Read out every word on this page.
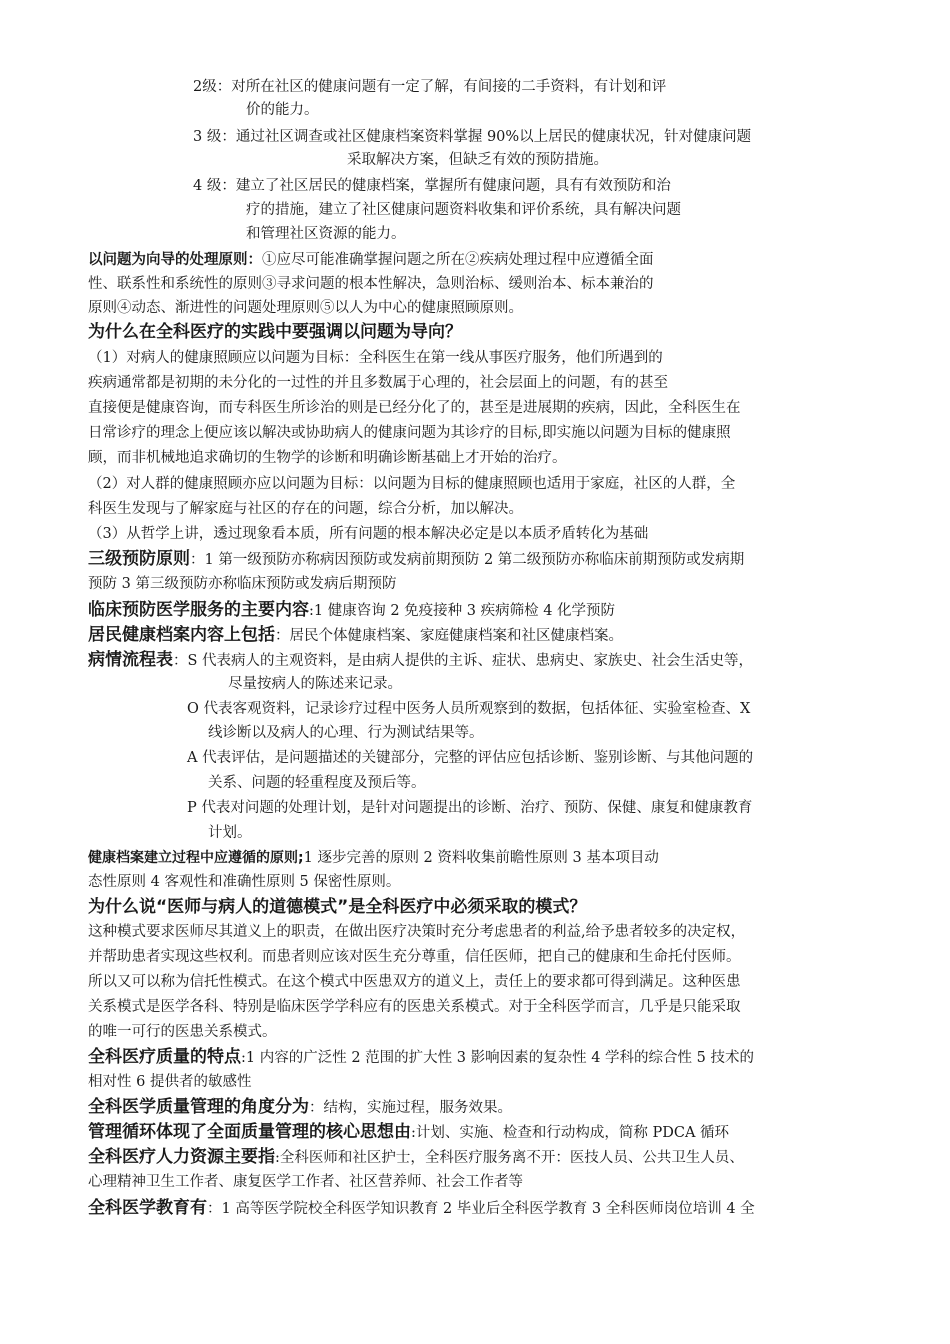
2级：对所在社区的健康问题有一定了解，有间接的二手资料，有计划和评
价的能力。
3 级：通过社区调查或社区健康档案资料掌握 90%以上居民的健康状况，针对健康问题
采取解决方案，但缺乏有效的预防措施。
4 级：建立了社区居民的健康档案，掌握所有健康问题，具有有效预防和治
疗的措施，建立了社区健康问题资料收集和评价系统，具有解决问题
和管理社区资源的能力。
以问题为向导的处理原则：①应尽可能准确掌握问题之所在②疾病处理过程中应遵循全面
性、联系性和系统性的原则③寻求问题的根本性解决，急则治标、缓则治本、标本兼治的
原则④动态、渐进性的问题处理原则⑤以人为中心的健康照顾原则。
为什么在全科医疗的实践中要强调以问题为导向？
（1）对病人的健康照顾应以问题为目标：全科医生在第一线从事医疗服务，他们所遇到的
疾病通常都是初期的未分化的一过性的并且多数属于心理的，社会层面上的问题，有的甚至
直接便是健康咨询，而专科医生所诊治的则是已经分化了的，甚至是进展期的疾病，因此，全科医生在
日常诊疗的理念上便应该以解决或协助病人的健康问题为其诊疗的目标,即实施以问题为目标的健康照
顾，而非机械地追求确切的生物学的诊断和明确诊断基础上才开始的治疗。
（2）对人群的健康照顾亦应以问题为目标：以问题为目标的健康照顾也适用于家庭，社区的人群，全
科医生发现与了解家庭与社区的存在的问题，综合分析，加以解决。
（3）从哲学上讲，透过现象看本质，所有问题的根本解决必定是以本质矛盾转化为基础
三级预防原则：1 第一级预防亦称病因预防或发病前期预防 2 第二级预防亦称临床前期预防或发病期
预防 3 第三级预防亦称临床预防或发病后期预防
临床预防医学服务的主要内容:1 健康咨询 2 免疫接种 3 疾病筛检 4 化学预防
居民健康档案内容上包括：居民个体健康档案、家庭健康档案和社区健康档案。
病情流程表：S 代表病人的主观资料，是由病人提供的主诉、症状、患病史、家族史、社会生活史等，
尽量按病人的陈述来记录。
O 代表客观资料，记录诊疗过程中医务人员所观察到的数据，包括体征、实验室检查、X
线诊断以及病人的心理、行为测试结果等。
A 代表评估，是问题描述的关键部分，完整的评估应包括诊断、鉴别诊断、与其他问题的
关系、问题的轻重程度及预后等。
P 代表对问题的处理计划，是针对问题提出的诊断、治疗、预防、保健、康复和健康教育
计划。
健康档案建立过程中应遵循的原则;1 逐步完善的原则 2 资料收集前瞻性原则 3 基本项目动
态性原则 4 客观性和准确性原则 5 保密性原则。
为什么说“医师与病人的道德模式”是全科医疗中必须采取的模式？
这种模式要求医师尽其道义上的职责，在做出医疗决策时充分考虑患者的利益,给予患者较多的决定权，
并帮助患者实现这些权利。而患者则应该对医生充分尊重，信任医师，把自己的健康和生命托付医师。
所以又可以称为信托性模式。在这个模式中医患双方的道义上，责任上的要求都可得到满足。这种医患
关系模式是医学各科、特别是临床医学学科应有的医患关系模式。对于全科医学而言，几乎是只能采取
的唯一可行的医患关系模式。
全科医疗质量的特点:1 内容的广泛性 2 范围的扩大性 3 影响因素的复杂性 4 学科的综合性 5 技术的
相对性 6 提供者的敏感性
全科医学质量管理的角度分为：结构，实施过程，服务效果。
管理循环体现了全面质量管理的核心思想由:计划、实施、检查和行动构成，简称 PDCA 循环
全科医疗人力资源主要指:全科医师和社区护士，全科医疗服务离不开：医技人员、公共卫生人员、
心理精神卫生工作者、康复医学工作者、社区营养师、社会工作者等
全科医学教育有：1 高等医学院校全科医学知识教育 2 毕业后全科医学教育 3 全科医师岗位培训 4 全
